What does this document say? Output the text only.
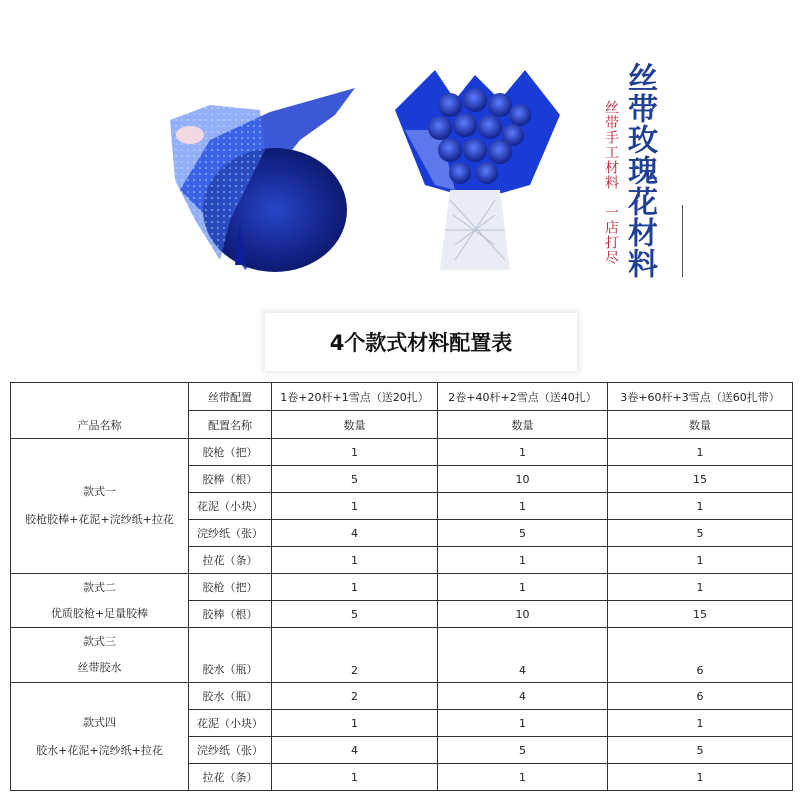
丝带玫瑰花材料
丝带手工材料
一店打尽
4个款式材料配置表
产品名称	丝带配置	1卷+20杆+1雪点（送20扎）	2卷+40杆+2雪点（送40扎）	3卷+60杆+3雪点（送60扎带）
	配置名称	数量	数量	数量

款式一
胶枪胶棒+花泥+浣纱纸+拉花	胶枪（把）	1	1	1
	胶棒（根）	5	10	15
	花泥（小块）	1	1	1
	浣纱纸（张）	4	5	5
	拉花（条）	1	1	1

款式二
优质胶枪+足量胶棒	胶枪（把）	1	1	1
	胶棒（根）	5	10	15

款式三
丝带胶水	胶水（瓶）	2	4	6

款式四
胶水+花泥+浣纱纸+拉花	胶水（瓶）	2	4	6
	花泥（小块）	1	1	1
	浣纱纸（张）	4	5	5
	拉花（条）	1	1	1
